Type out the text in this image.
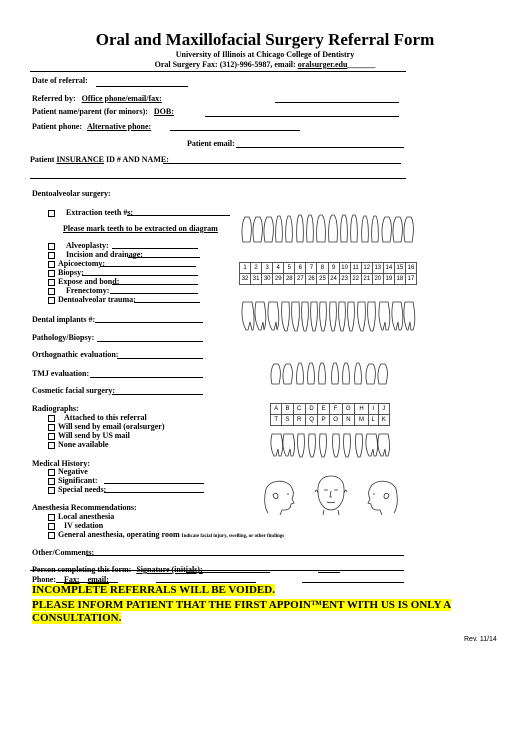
Oral and Maxillofacial Surgery Referral Form
University of Illinois at Chicago College of Dentistry
Oral Surgery Fax: (312)-996-5987, email: oralsurger.edu_______
Date of referral:
Referred by: Office phone/email/fax:
Patient name/parent (for minors): DOB:
Patient phone: Alternative phone:
Patient email:
Patient INSURANCE ID # AND NAME:
Dentoalveolar surgery:
Extraction teeth #s:
Please mark teeth to be extracted on diagram
Alveoplasty:
Incision and drainage:
Apicoectomy:
Biopsy:
Expose and bond:
Frenectomy:
Dentoalveolar trauma:
Dental implants #:
Pathology/Biopsy:
Orthognathic evaluation:
TMJ evaluation:
Cosmetic facial surgery:
Radiographs:
Attached to this referral
Will send by email (oralsurger)
Will send by US mail
None available
Medical History:
Negative
Significant:
Special needs:
Anesthesia Recommendations:
Local anesthesia
IV sedation
General anesthesia, operating room Indicate facial injury, swelling, or other findings
Other/Comments:
Person completing this form: Signature (initials):
Phone: Fax: email:
INCOMPLETE REFERRALS WILL BE VOIDED.
PLEASE INFORM PATIENT THAT THE FIRST APPOIN™ENT WITH US IS ONLY A CONSULTATION.
Rev. 11/14
1	2	3	4	5	6	7	8	9	10	11	12	13	14	15	16
32	31	30	29	28	27	26	25	24	23	22	21	20	19	18	17
A	B	C	D	E	F	G	H	I	J
T	S	R	Q	P	O	N	M	L	K
